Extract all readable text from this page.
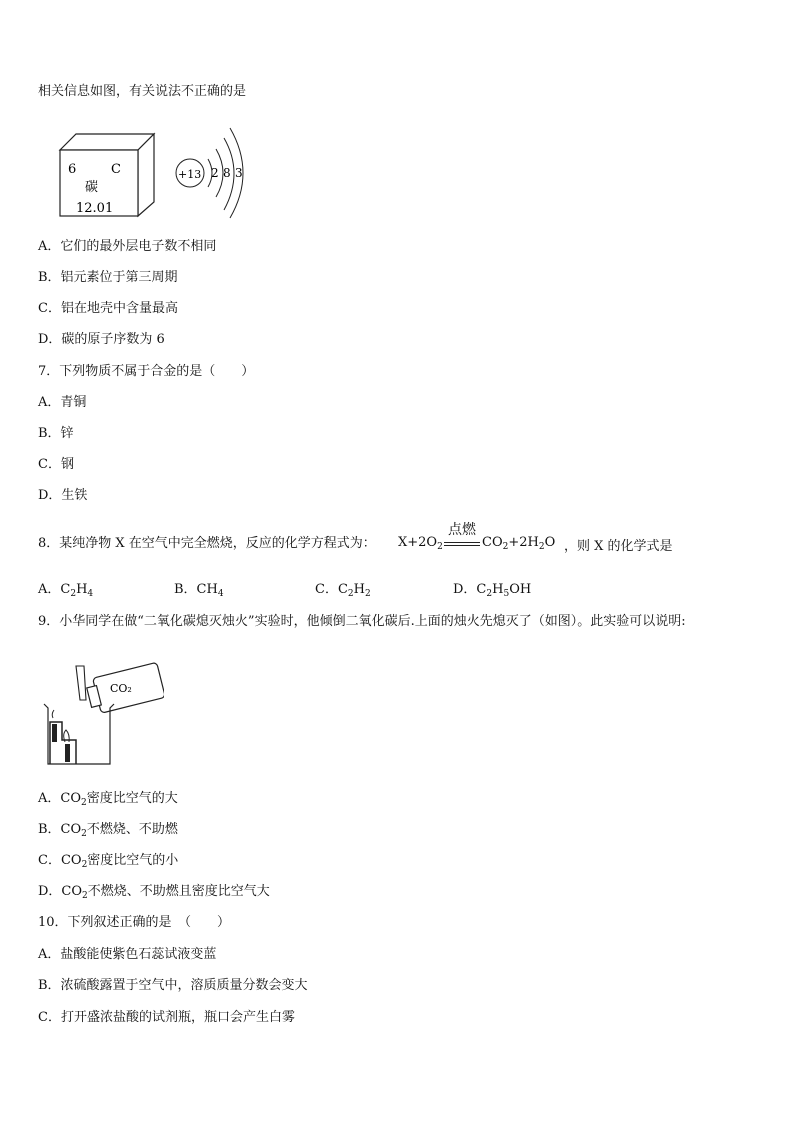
相关信息如图，有关说法不正确的是
6	C
碳
12.01
+13 2 8 3
A．它们的最外层电子数不相同
B．铝元素位于第三周期
C．铝在地壳中含量最高
D．碳的原子序数为 6
7．下列物质不属于合金的是（　　）
A．青铜
B．锌
C．钢
D．生铁
8．某纯净物 X 在空气中完全燃烧，反应的化学方程式为： $X+2O_2$
点燃
$CO_2+2H_2O$ ，则 X 的化学式是
A．$C_2H_4$	B．$CH_4$	C．$C_2H_2$	D．$C_2H_5OH$
9．小华同学在做“二氧化碳熄灭烛火”实验时，他倾倒二氧化碳后.上面的烛火先熄灭了（如图）。此实验可以说明:
CO₂
A．$CO_2$密度比空气的大
B．$CO_2$不燃烧、不助燃
C．$CO_2$密度比空气的小
D．$CO_2$不燃烧、不助燃且密度比空气大
10．下列叙述正确的是　（　　）
A．盐酸能使紫色石蕊试液变蓝
B．浓硫酸露置于空气中，溶质质量分数会变大
C．打开盛浓盐酸的试剂瓶，瓶口会产生白雾
